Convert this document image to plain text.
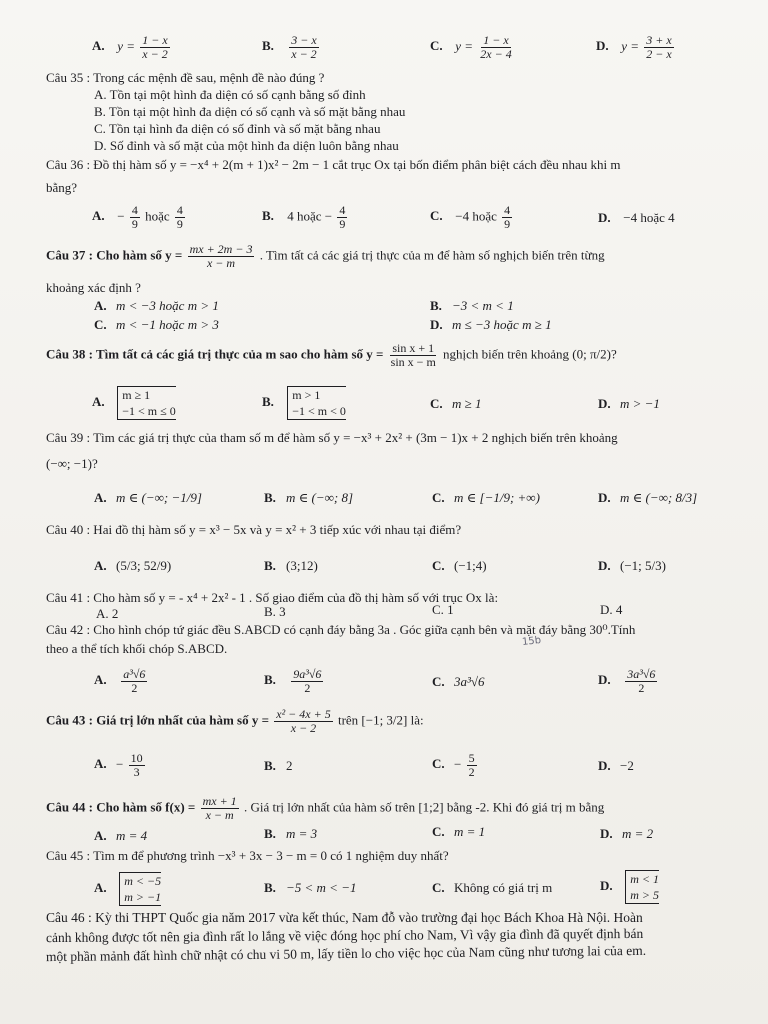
A. $y = \frac{1 - x}{x - 2}$	B. $\frac{3 - x}{x - 2}$	C. $y = \frac{1 - x}{2x - 4}$	D. $y = \frac{3 + x}{2 - x}$
Câu 35 : Trong các mệnh đề sau, mệnh đề nào đúng ?
A. Tồn tại một hình đa diện có số cạnh bằng số đỉnh
B. Tồn tại một hình đa diện có số cạnh và số mặt bằng nhau
C. Tồn tại hình đa diện có số đỉnh và số mặt bằng nhau
D. Số đỉnh và số mặt của một hình đa diện luôn bằng nhau
Câu 36 : Đồ thị hàm số y = −x⁴ + 2(m + 1)x² − 2m − 1 cắt trục Ox tại bốn điểm phân biệt cách đều nhau khi m
bằng?
A. − $\frac{4}{9}$ hoặc $\frac{4}{9}$	B. 4 hoặc − $\frac{4}{9}$	C. −4 hoặc $\frac{4}{9}$	D. −4 hoặc 4
Câu 37 : Cho hàm số $y = \frac{mx + 2m - 3}{x - m}$ . Tìm tất cả các giá trị thực của m để hàm số nghịch biến trên từng
khoảng xác định ?
A. m < −3 hoặc m > 1	B. −3 < m < 1
C. m < −1 hoặc m > 3	D. m ≤ −3 hoặc m ≥ 1
Câu 38 : Tìm tất cả các giá trị thực của m sao cho hàm số $y = \frac{\text{sin x + 1}}{\text{sin x − m}}$ nghịch biến trên khoảng (0; π/2)?
A. m ≥ 1
−1 < m ≤ 0
B. m > 1
−1 < m < 0	C. m ≥ 1	D. m > −1
Câu 39 : Tìm các giá trị thực của tham số m để hàm số y = −x³ + 2x² + (3m − 1)x + 2 nghịch biến trên khoảng
(−∞; −1)?
A. m ∈ (−∞; −1/9]	B. m ∈ (−∞; 8]	C. m ∈ [−1/9; +∞)	D. m ∈ (−∞; 8/3]
Câu 40 : Hai đồ thị hàm số y = x³ − 5x và y = x² + 3 tiếp xúc với nhau tại điểm?
A. (5/3; 52/9)	B. (3;12)	C. (−1;4)	D. (−1; 5/3)
Câu 41 : Cho hàm số y = - x⁴ + 2x² - 1 . Số giao điểm của đồ thị hàm số với trục Ox là:
A. 2	B. 3	C. 1	D. 4
Câu 42 : Cho hình chóp tứ giác đều S.ABCD có cạnh đáy bằng 3a . Góc giữa cạnh bên và mặt đáy bằng 30⁰.Tính
theo a thể tích khối chóp S.ABCD.	15b
A. $\frac{\text{a³√6}}{2}$	B. $\frac{\text{9a³√6}}{2}$	C. 3a³√6	D. $\frac{\text{3a³√6}}{2}$
Câu 43 : Giá trị lớn nhất của hàm số $y = \frac{\text{x² − 4x + 5}}{x - 2}$ trên [−1; 3/2] là:
A. − $\frac{10}{3}$	B. 2	C. − $\frac{5}{2}$	D. −2
Câu 44 : Cho hàm số $f(x) = \frac{mx + 1}{x - m}$ . Giá trị lớn nhất của hàm số trên [1;2] bằng -2. Khi đó giá trị m bằng
A. m = 4	B. m = 3	C. m = 1	D. m = 2
Câu 45 : Tìm m để phương trình −x³ + 3x − 3 − m = 0 có 1 nghiệm duy nhất?
A. m < −5
m > −1
B. −5 < m < −1	C. Không có giá trị m	D. m < 1
m > 5
Câu 46 : Kỳ thi THPT Quốc gia năm 2017 vừa kết thúc, Nam đỗ vào trường đại học Bách Khoa Hà Nội. Hoàn
cảnh không được tốt nên gia đình rất lo lắng về việc đóng học phí cho Nam, Vì vậy gia đình đã quyết định bán
một phần mảnh đất hình chữ nhật có chu vi 50 m, lấy tiền lo cho việc học của Nam cũng như tương lai của em.
